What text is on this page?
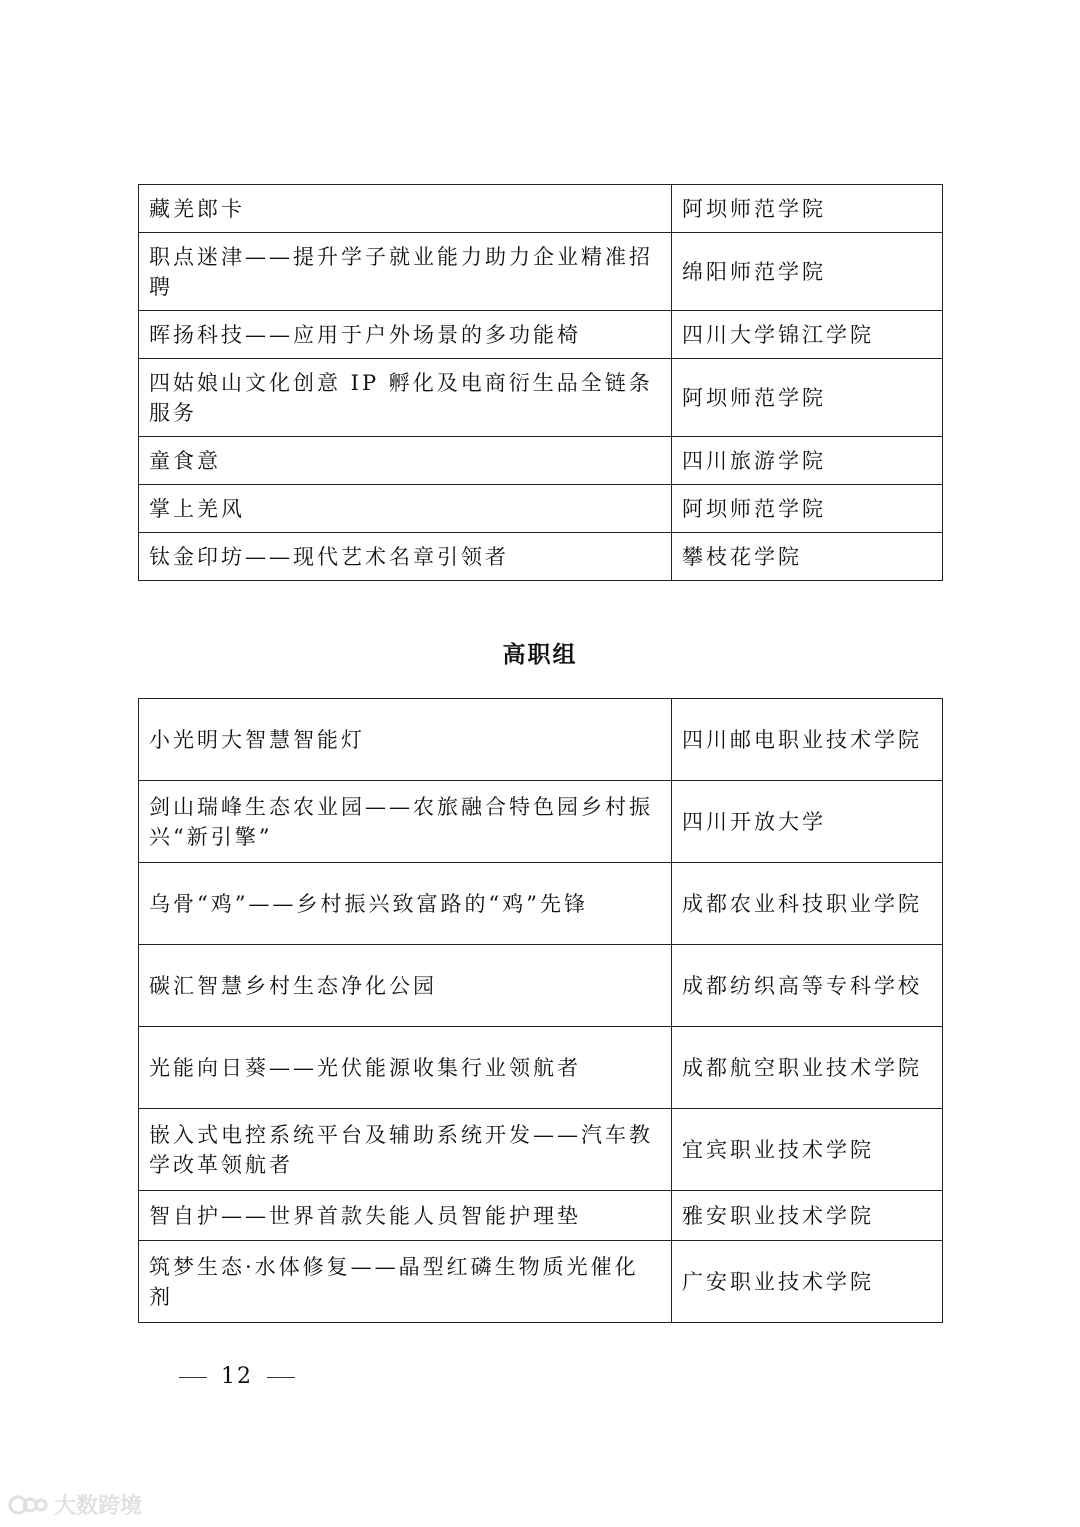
藏羌郎卡	阿坝师范学院
职点迷津——提升学子就业能力助力企业精准招聘	绵阳师范学院
晖扬科技——应用于户外场景的多功能椅	四川大学锦江学院
四姑娘山文化创意 IP 孵化及电商衍生品全链条服务	阿坝师范学院
童食意	四川旅游学院
掌上羌风	阿坝师范学院
钛金印坊——现代艺术名章引领者	攀枝花学院
高职组
小光明大智慧智能灯	四川邮电职业技术学院
剑山瑞峰生态农业园——农旅融合特色园乡村振兴“新引擎”	四川开放大学
乌骨“鸡”——乡村振兴致富路的“鸡”先锋	成都农业科技职业学院
碳汇智慧乡村生态净化公园	成都纺织高等专科学校
光能向日葵——光伏能源收集行业领航者	成都航空职业技术学院
嵌入式电控系统平台及辅助系统开发——汽车教学改革领航者	宜宾职业技术学院
智自护——世界首款失能人员智能护理垫	雅安职业技术学院
筑梦生态·水体修复——晶型红磷生物质光催化剂	广安职业技术学院
12
大数跨境
